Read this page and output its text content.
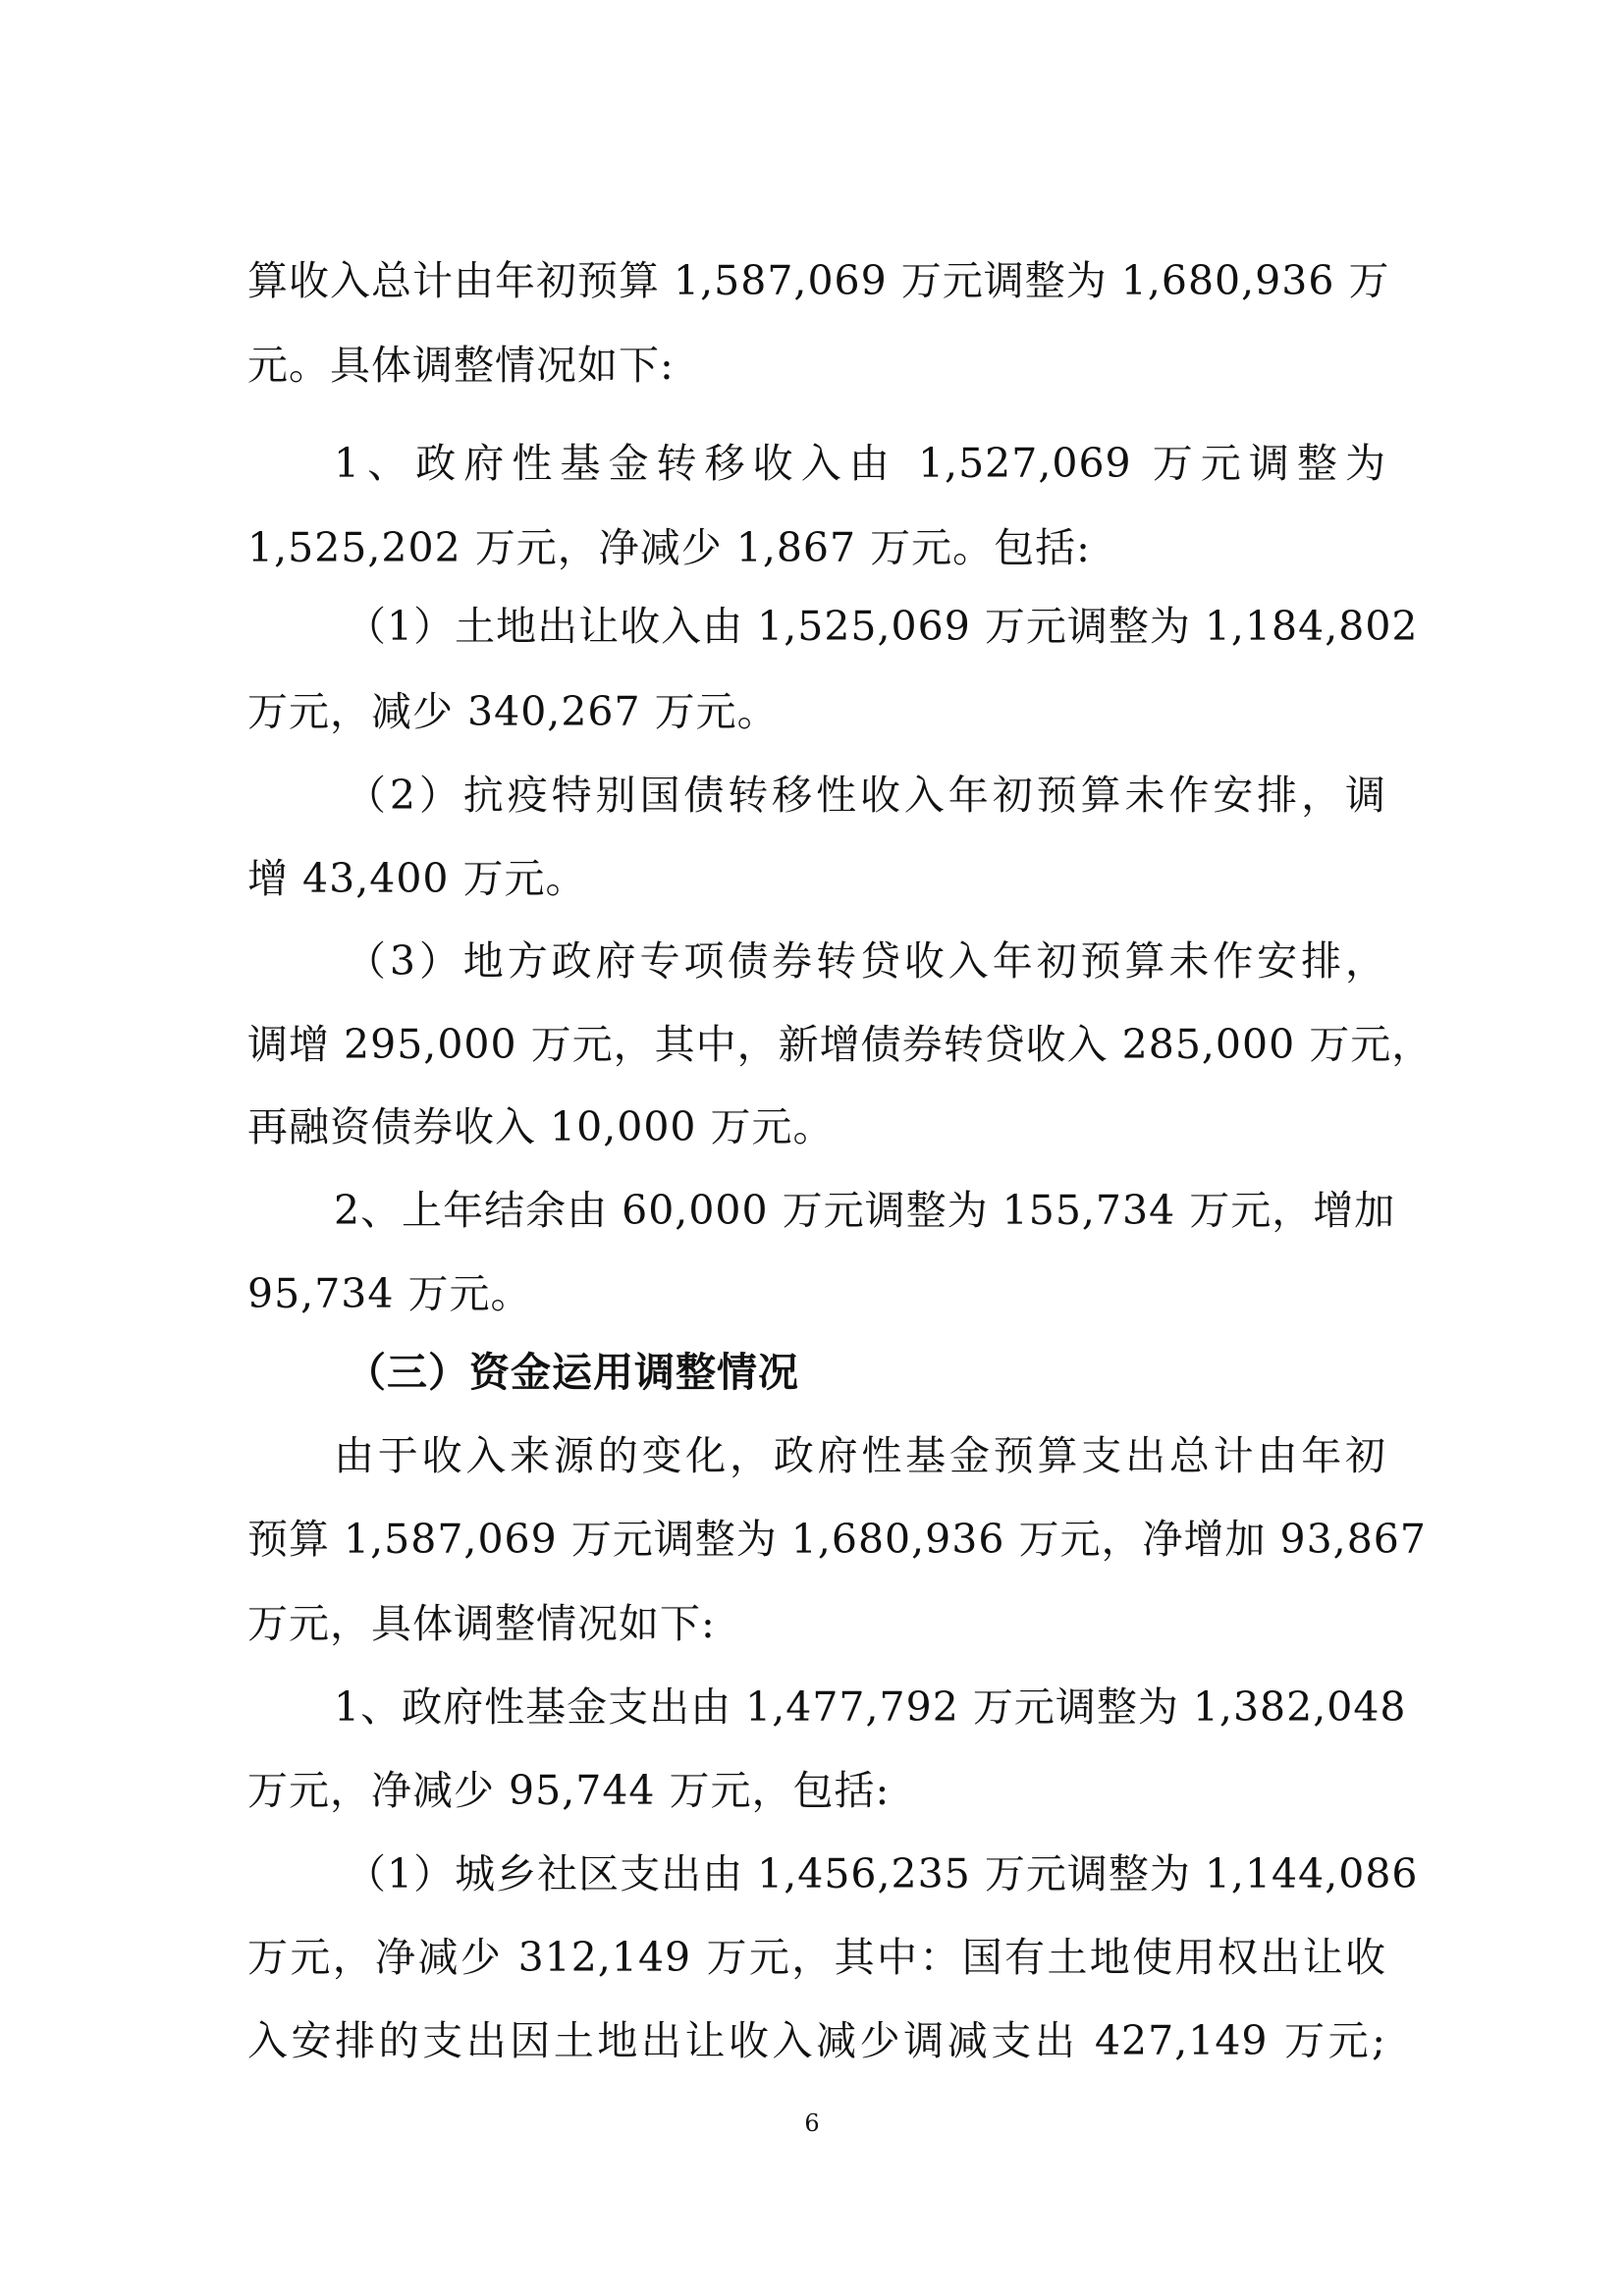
算收入总计由年初预算 1,587,069 万元调整为 1,680,936 万
元。具体调整情况如下:
1、政府性基金转移收入由 1,527,069 万元调整为
1,525,202 万元，净减少 1,867 万元。包括:
（1）土地出让收入由 1,525,069 万元调整为 1,184,802
万元，减少 340,267 万元。
（2）抗疫特别国债转移性收入年初预算未作安排，调
增 43,400 万元。
（3）地方政府专项债券转贷收入年初预算未作安排，
调增 295,000 万元，其中，新增债券转贷收入 285,000 万元，
再融资债券收入 10,000 万元。
2、上年结余由 60,000 万元调整为 155,734 万元，增加
95,734 万元。
（三）资金运用调整情况
由于收入来源的变化，政府性基金预算支出总计由年初
预算 1,587,069 万元调整为 1,680,936 万元，净增加 93,867
万元，具体调整情况如下:
1、政府性基金支出由 1,477,792 万元调整为 1,382,048
万元，净减少 95,744 万元，包括:
（1）城乡社区支出由 1,456,235 万元调整为 1,144,086
万元，净减少 312,149 万元，其中：国有土地使用权出让收
入安排的支出因土地出让收入减少调减支出 427,149 万元;
6
